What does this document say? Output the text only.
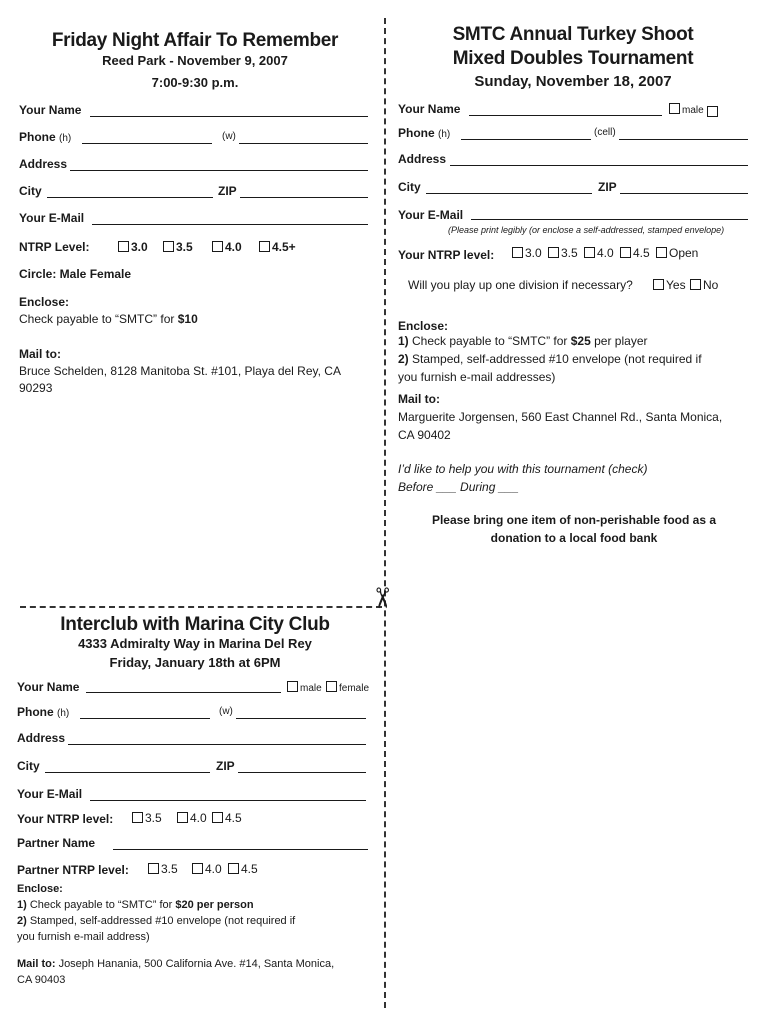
✂
Friday Night Affair To Remember
Reed Park - November 9, 2007
7:00-9:30 p.m.
Your Name
Phone (h)	(w)
Address
City	ZIP
Your E-Mail
NTRP Level:	3.0	3.5	4.0	4.5+
Circle: Male Female
Enclose:
Check payable to “SMTC” for $10
Mail to:
Bruce Schelden, 8128 Manitoba St. #101, Playa del Rey, CA
90293
SMTC Annual Turkey Shoot
Mixed Doubles Tournament
Sunday, November 18, 2007
Your Name	male
Phone (h)	(cell)
Address
City	ZIP
Your E-Mail
(Please print legibly (or enclose a self-addressed, stamped envelope)
Your NTRP level:	3.0	3.5	4.0	4.5	Open
Will you play up one division if necessary?	Yes	No
Enclose:
1) Check payable to “SMTC” for $25 per player
2) Stamped, self-addressed #10 envelope (not required if
you furnish e-mail addresses)
Mail to:
Marguerite Jorgensen, 560 East Channel Rd., Santa Monica,
CA 90402
I’d like to help you with this tournament (check)
Before ___ During ___
Please bring one item of non-perishable food as a
donation to a local food bank
Interclub with Marina City Club
4333 Admiralty Way in Marina Del Rey
Friday, January 18th at 6PM
Your Name	male	female
Phone (h)	(w)
Address
City	ZIP
Your E-Mail
Your NTRP level:	3.5	4.0	4.5
Partner Name
Partner NTRP level:	3.5	4.0	4.5
Enclose:
1) Check payable to “SMTC” for $20 per person
2) Stamped, self-addressed #10 envelope (not required if
you furnish e-mail address)
Mail to: Joseph Hanania, 500 California Ave. #14, Santa Monica,
CA 90403
